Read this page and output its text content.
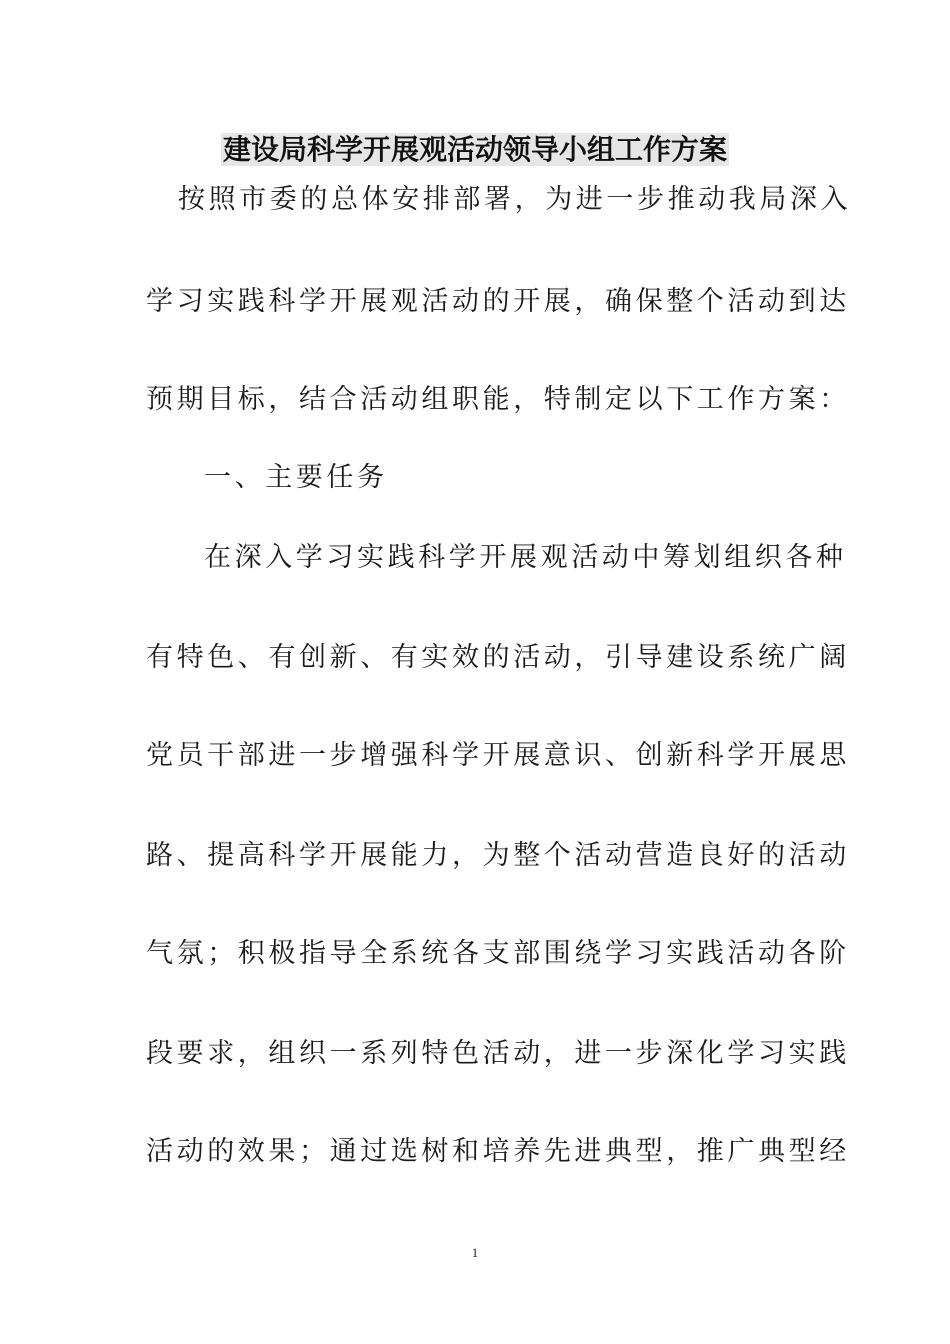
建设局科学开展观活动领导小组工作方案
按照市委的总体安排部署，为进一步推动我局深入
学习实践科学开展观活动的开展，确保整个活动到达
预期目标，结合活动组职能，特制定以下工作方案：
一、主要任务
在深入学习实践科学开展观活动中筹划组织各种
有特色、有创新、有实效的活动，引导建设系统广阔
党员干部进一步增强科学开展意识、创新科学开展思
路、提高科学开展能力，为整个活动营造良好的活动
气氛；积极指导全系统各支部围绕学习实践活动各阶
段要求，组织一系列特色活动，进一步深化学习实践
活动的效果；通过选树和培养先进典型，推广典型经
1
